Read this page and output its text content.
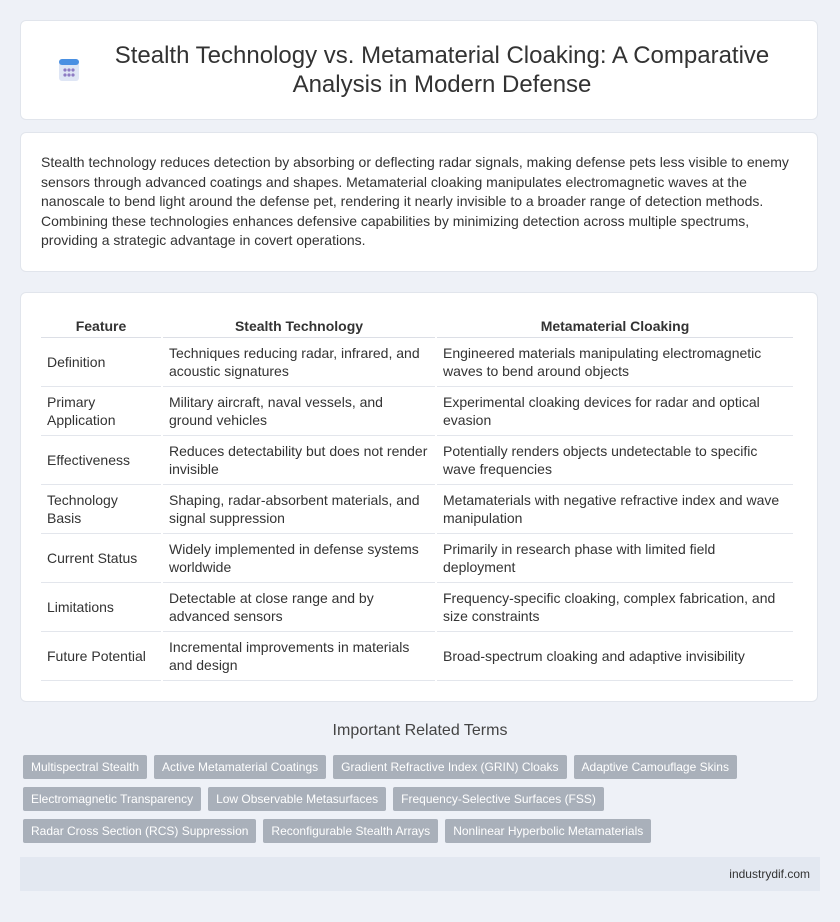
Stealth Technology vs. Metamaterial Cloaking: A Comparative Analysis in Modern Defense

Stealth technology reduces detection by absorbing or deflecting radar signals, making defense pets less visible to enemy sensors through advanced coatings and shapes. Metamaterial cloaking manipulates electromagnetic waves at the nanoscale to bend light around the defense pet, rendering it nearly invisible to a broader range of detection methods. Combining these technologies enhances defensive capabilities by minimizing detection across multiple spectrums, providing a strategic advantage in covert operations.

Feature	Stealth Technology	Metamaterial Cloaking
Definition	Techniques reducing radar, infrared, and acoustic signatures	Engineered materials manipulating electromagnetic waves to bend around objects
Primary Application	Military aircraft, naval vessels, and ground vehicles	Experimental cloaking devices for radar and optical evasion
Effectiveness	Reduces detectability but does not render invisible	Potentially renders objects undetectable to specific wave frequencies
Technology Basis	Shaping, radar-absorbent materials, and signal suppression	Metamaterials with negative refractive index and wave manipulation
Current Status	Widely implemented in defense systems worldwide	Primarily in research phase with limited field deployment
Limitations	Detectable at close range and by advanced sensors	Frequency-specific cloaking, complex fabrication, and size constraints
Future Potential	Incremental improvements in materials and design	Broad-spectrum cloaking and adaptive invisibility
Important Related Terms
Multispectral Stealth	Active Metamaterial Coatings	Gradient Refractive Index (GRIN) Cloaks	Adaptive Camouflage Skins
Electromagnetic Transparency	Low Observable Metasurfaces	Frequency-Selective Surfaces (FSS)
Radar Cross Section (RCS) Suppression	Reconfigurable Stealth Arrays	Nonlinear Hyperbolic Metamaterials
industrydif.com
